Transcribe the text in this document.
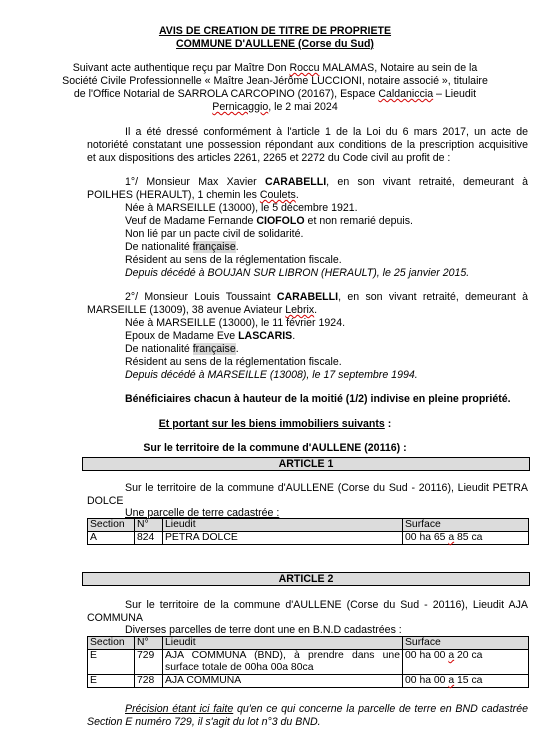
AVIS DE CREATION DE TITRE DE PROPRIETE
COMMUNE D'AULLENE (Corse du Sud)
Suivant acte authentique reçu par Maître Don Roccu MALAMAS, Notaire au sein de la
Société Civile Professionnelle « Maître Jean-Jérôme LUCCIONI, notaire associé », titulaire
de l'Office Notarial de SARROLA CARCOPINO (20167), Espace Caldaniccia – Lieudit
Pernicaggio, le 2 mai 2024
Il a été dressé conformément à l'article 1 de la Loi du 6 mars 2017, un acte de
notoriété constatant une possession répondant aux conditions de la prescription acquisitive
et aux dispositions des articles 2261, 2265 et 2272 du Code civil au profit de :
1°/ Monsieur Max Xavier CARABELLI, en son vivant retraité, demeurant à
POILHES (HERAULT), 1 chemin les Coulets.
Née à MARSEILLE (13000), le 5 décembre 1921.
Veuf de Madame Fernande CIOFOLO et non remarié depuis.
Non lié par un pacte civil de solidarité.
De nationalité française.
Résident au sens de la réglementation fiscale.
Depuis décédé à BOUJAN SUR LIBRON (HERAULT), le 25 janvier 2015.
2°/ Monsieur Louis Toussaint CARABELLI, en son vivant retraité, demeurant à
MARSEILLE (13009), 38 avenue Aviateur Lebrix.
Née à MARSEILLE (13000), le 11 février 1924.
Epoux de Madame Eve LASCARIS.
De nationalité française.
Résident au sens de la réglementation fiscale.
Depuis décédé à MARSEILLE (13008), le 17 septembre 1994.
Bénéficiaires chacun à hauteur de la moitié (1/2) indivise en pleine propriété.
Et portant sur les biens immobiliers suivants :
Sur le territoire de la commune d'AULLENE (20116) :
ARTICLE 1
Sur le territoire de la commune d'AULLENE (Corse du Sud - 20116), Lieudit PETRA
DOLCE
Une parcelle de terre cadastrée :
Section	N°	Lieudit	Surface
A	824	PETRA DOLCE	00 ha 65 a 85 ca
ARTICLE 2
Sur le territoire de la commune d'AULLENE (Corse du Sud - 20116), Lieudit AJA
COMMUNA
Diverses parcelles de terre dont une en B.N.D cadastrées :
Section	N°	Lieudit	Surface
E	729	AJA COMMUNA (BND), à prendre dans une
surface totale de 00ha 00a 80ca	00 ha 00 a 20 ca
E	728	AJA COMMUNA	00 ha 00 a 15 ca
Précision étant ici faite qu'en ce qui concerne la parcelle de terre en BND cadastrée
Section E numéro 729, il s'agit du lot n°3 du BND.
